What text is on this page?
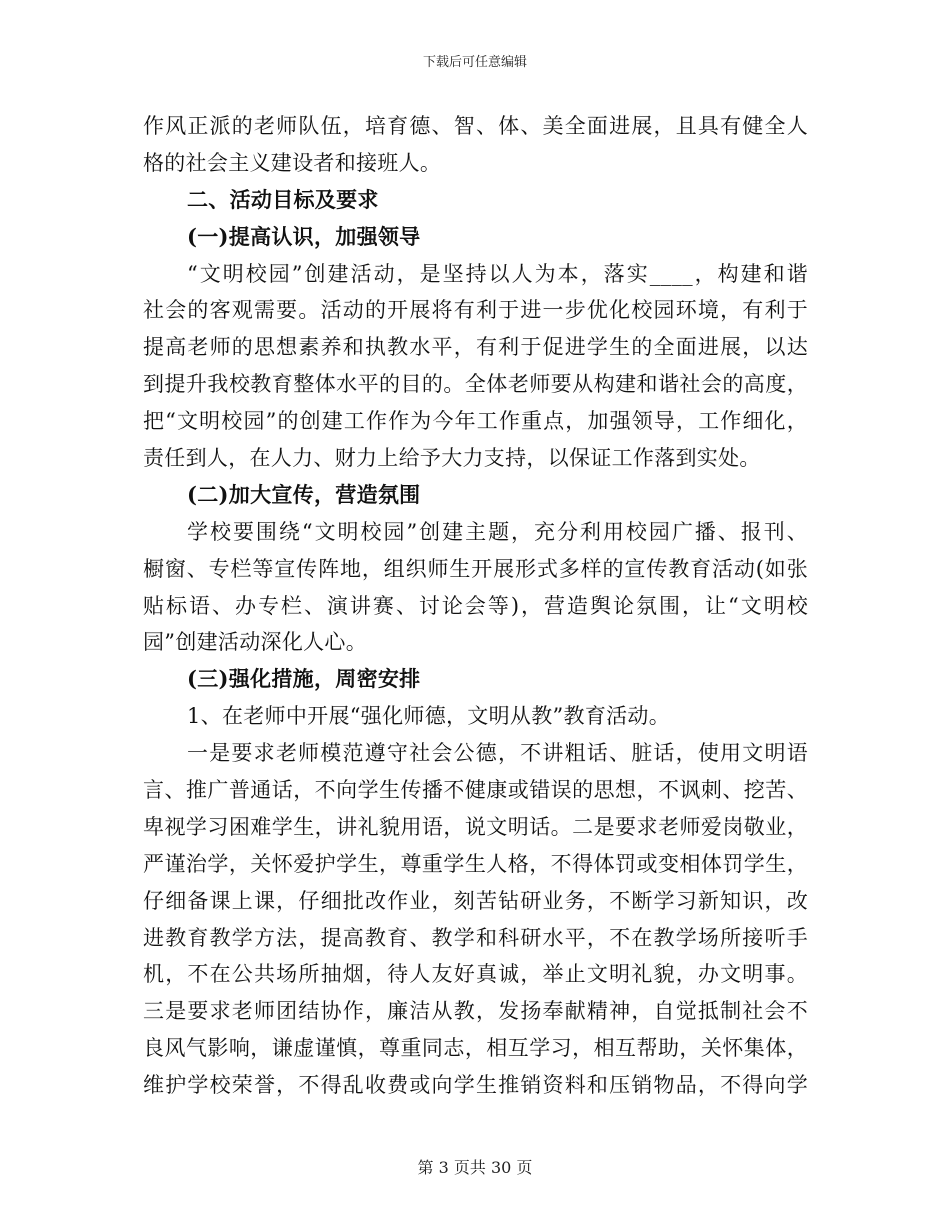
下载后可任意编辑
作风正派的老师队伍，培育德、智、体、美全面进展，且具有健全人
格的社会主义建设者和接班人。
二、活动目标及要求
(一)提高认识，加强领导
“文明校园”创建活动，是坚持以人为本，落实____，构建和谐
社会的客观需要。活动的开展将有利于进一步优化校园环境，有利于
提高老师的思想素养和执教水平，有利于促进学生的全面进展，以达
到提升我校教育整体水平的目的。全体老师要从构建和谐社会的高度，
把“文明校园”的创建工作作为今年工作重点，加强领导，工作细化，
责任到人，在人力、财力上给予大力支持，以保证工作落到实处。
(二)加大宣传，营造氛围
学校要围绕“文明校园”创建主题，充分利用校园广播、报刊、
橱窗、专栏等宣传阵地，组织师生开展形式多样的宣传教育活动(如张
贴标语、办专栏、演讲赛、讨论会等)，营造舆论氛围，让“文明校
园”创建活动深化人心。
(三)强化措施，周密安排
1、在老师中开展“强化师德，文明从教”教育活动。
一是要求老师模范遵守社会公德，不讲粗话、脏话，使用文明语
言、推广普通话，不向学生传播不健康或错误的思想，不讽刺、挖苦、
卑视学习困难学生，讲礼貌用语，说文明话。二是要求老师爱岗敬业，
严谨治学，关怀爱护学生，尊重学生人格，不得体罚或变相体罚学生，
仔细备课上课，仔细批改作业，刻苦钻研业务，不断学习新知识，改
进教育教学方法，提高教育、教学和科研水平，不在教学场所接听手
机，不在公共场所抽烟，待人友好真诚，举止文明礼貌，办文明事。
三是要求老师团结协作，廉洁从教，发扬奉献精神，自觉抵制社会不
良风气影响，谦虚谨慎，尊重同志，相互学习，相互帮助，关怀集体，
维护学校荣誉，不得乱收费或向学生推销资料和压销物品，不得向学
第 3 页共 30 页
